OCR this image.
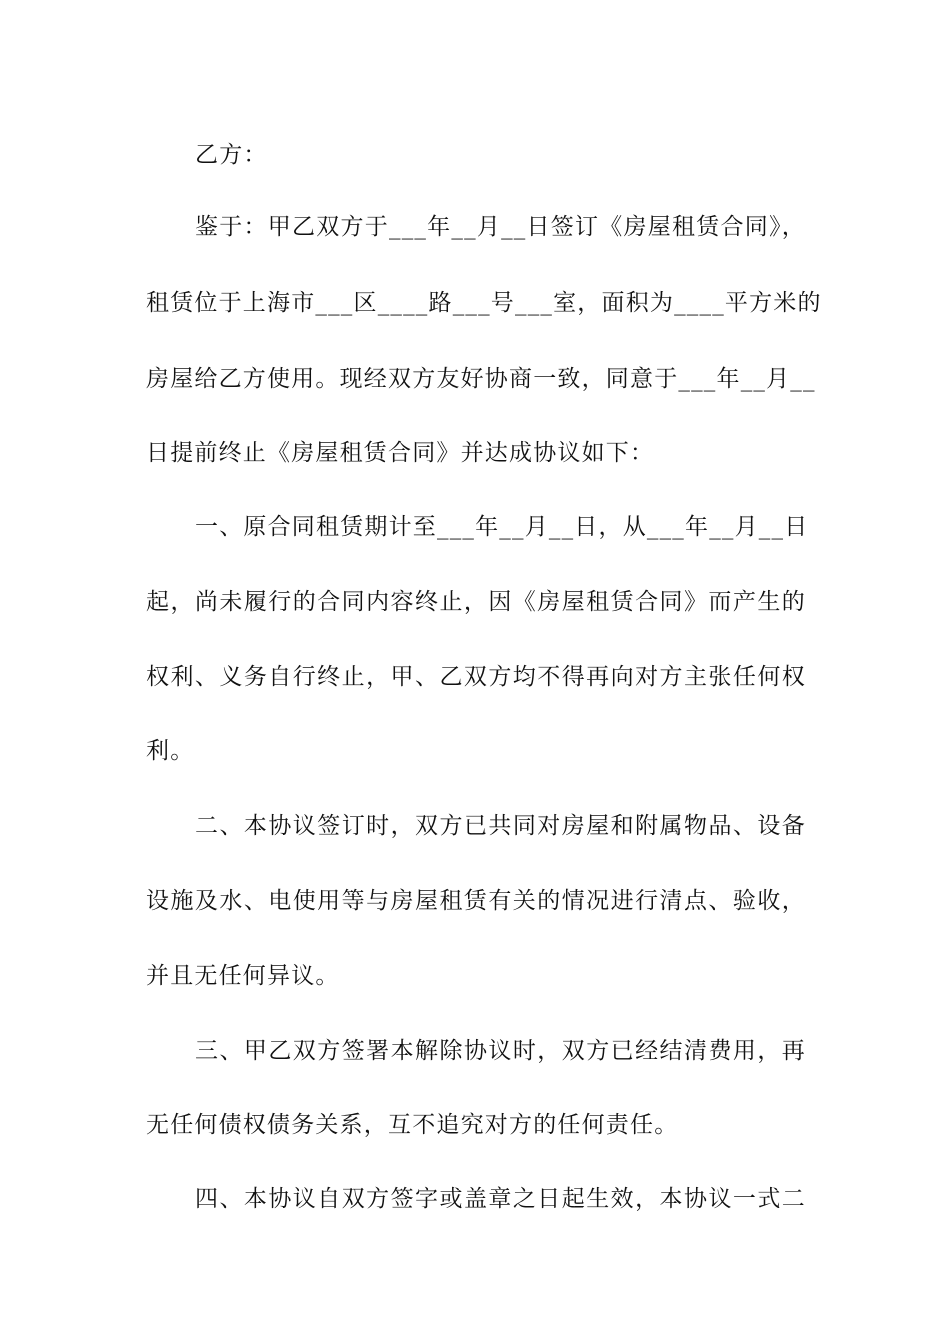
乙方：
鉴于：甲乙双方于___年__月__日签订《房屋租赁合同》，
租赁位于上海市___区____路___号___室，面积为____平方米的
房屋给乙方使用。现经双方友好协商一致，同意于___年__月__
日提前终止《房屋租赁合同》并达成协议如下：
一、原合同租赁期计至___年__月__日，从___年__月__日
起，尚未履行的合同内容终止，因《房屋租赁合同》而产生的
权利、义务自行终止，甲、乙双方均不得再向对方主张任何权
利。
二、本协议签订时，双方已共同对房屋和附属物品、设备
设施及水、电使用等与房屋租赁有关的情况进行清点、验收，
并且无任何异议。
三、甲乙双方签署本解除协议时，双方已经结清费用，再
无任何债权债务关系，互不追究对方的任何责任。
四、本协议自双方签字或盖章之日起生效，本协议一式二
